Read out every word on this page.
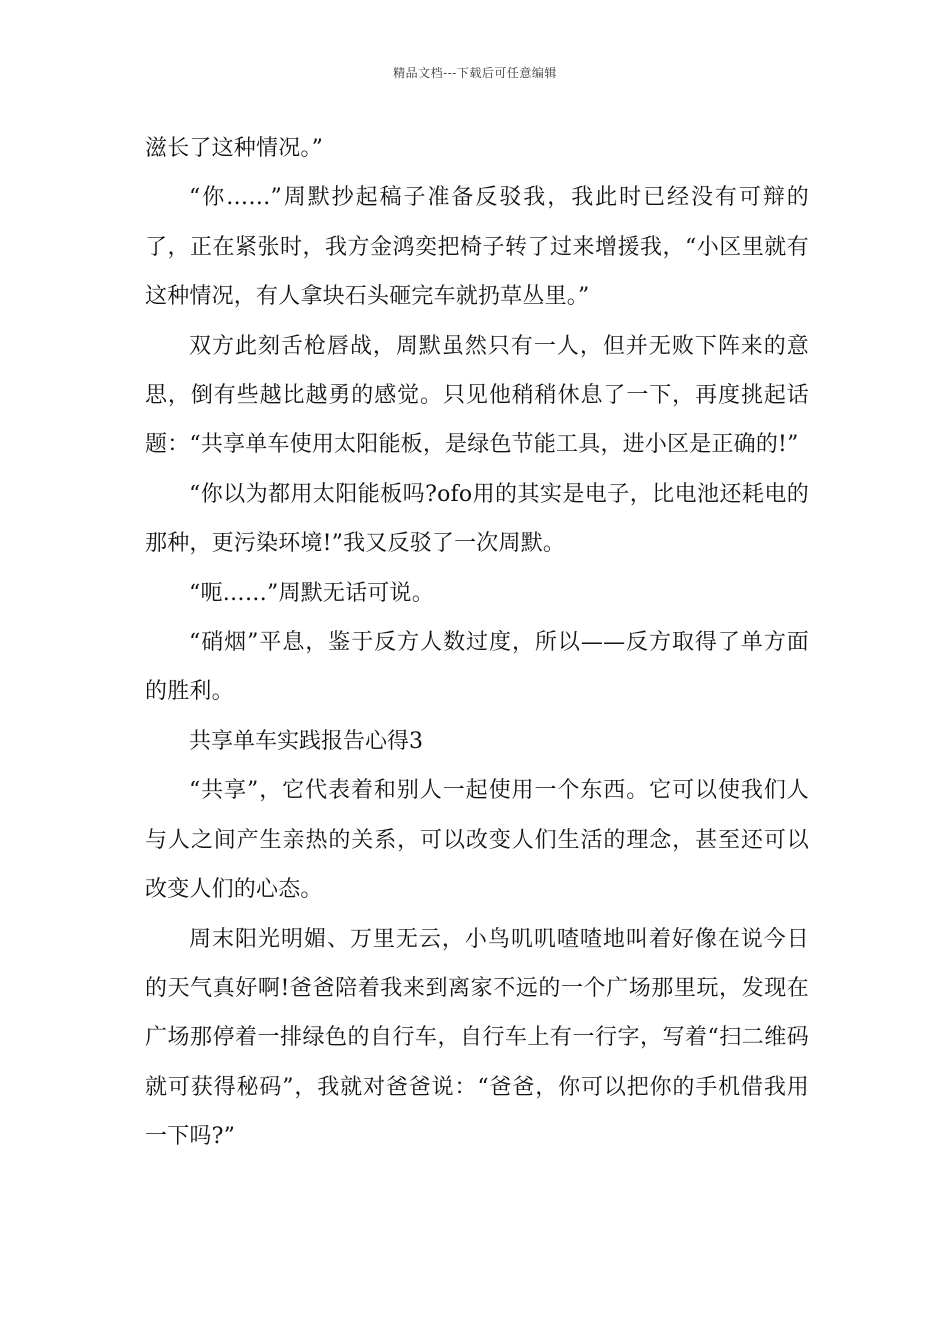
精品文档---下载后可任意编辑

滋长了这种情况。”

“你……”周默抄起稿子准备反驳我，我此时已经没有可辩的了，正在紧张时，我方金鸿奕把椅子转了过来增援我，“小区里就有这种情况，有人拿块石头砸完车就扔草丛里。”

双方此刻舌枪唇战，周默虽然只有一人，但并无败下阵来的意思，倒有些越比越勇的感觉。只见他稍稍休息了一下，再度挑起话题：“共享单车使用太阳能板，是绿色节能工具，进小区是正确的!”

“你以为都用太阳能板吗?ofo用的其实是电子，比电池还耗电的那种，更污染环境!”我又反驳了一次周默。

“呃……”周默无话可说。

“硝烟”平息，鉴于反方人数过度，所以——反方取得了单方面的胜利。

共享单车实践报告心得3

“共享”，它代表着和别人一起使用一个东西。它可以使我们人与人之间产生亲热的关系，可以改变人们生活的理念，甚至还可以改变人们的心态。

周末阳光明媚、万里无云，小鸟叽叽喳喳地叫着好像在说今日的天气真好啊!爸爸陪着我来到离家不远的一个广场那里玩，发现在广场那停着一排绿色的自行车，自行车上有一行字，写着“扫二维码就可获得秘码”，我就对爸爸说：“爸爸，你可以把你的手机借我用一下吗?”
